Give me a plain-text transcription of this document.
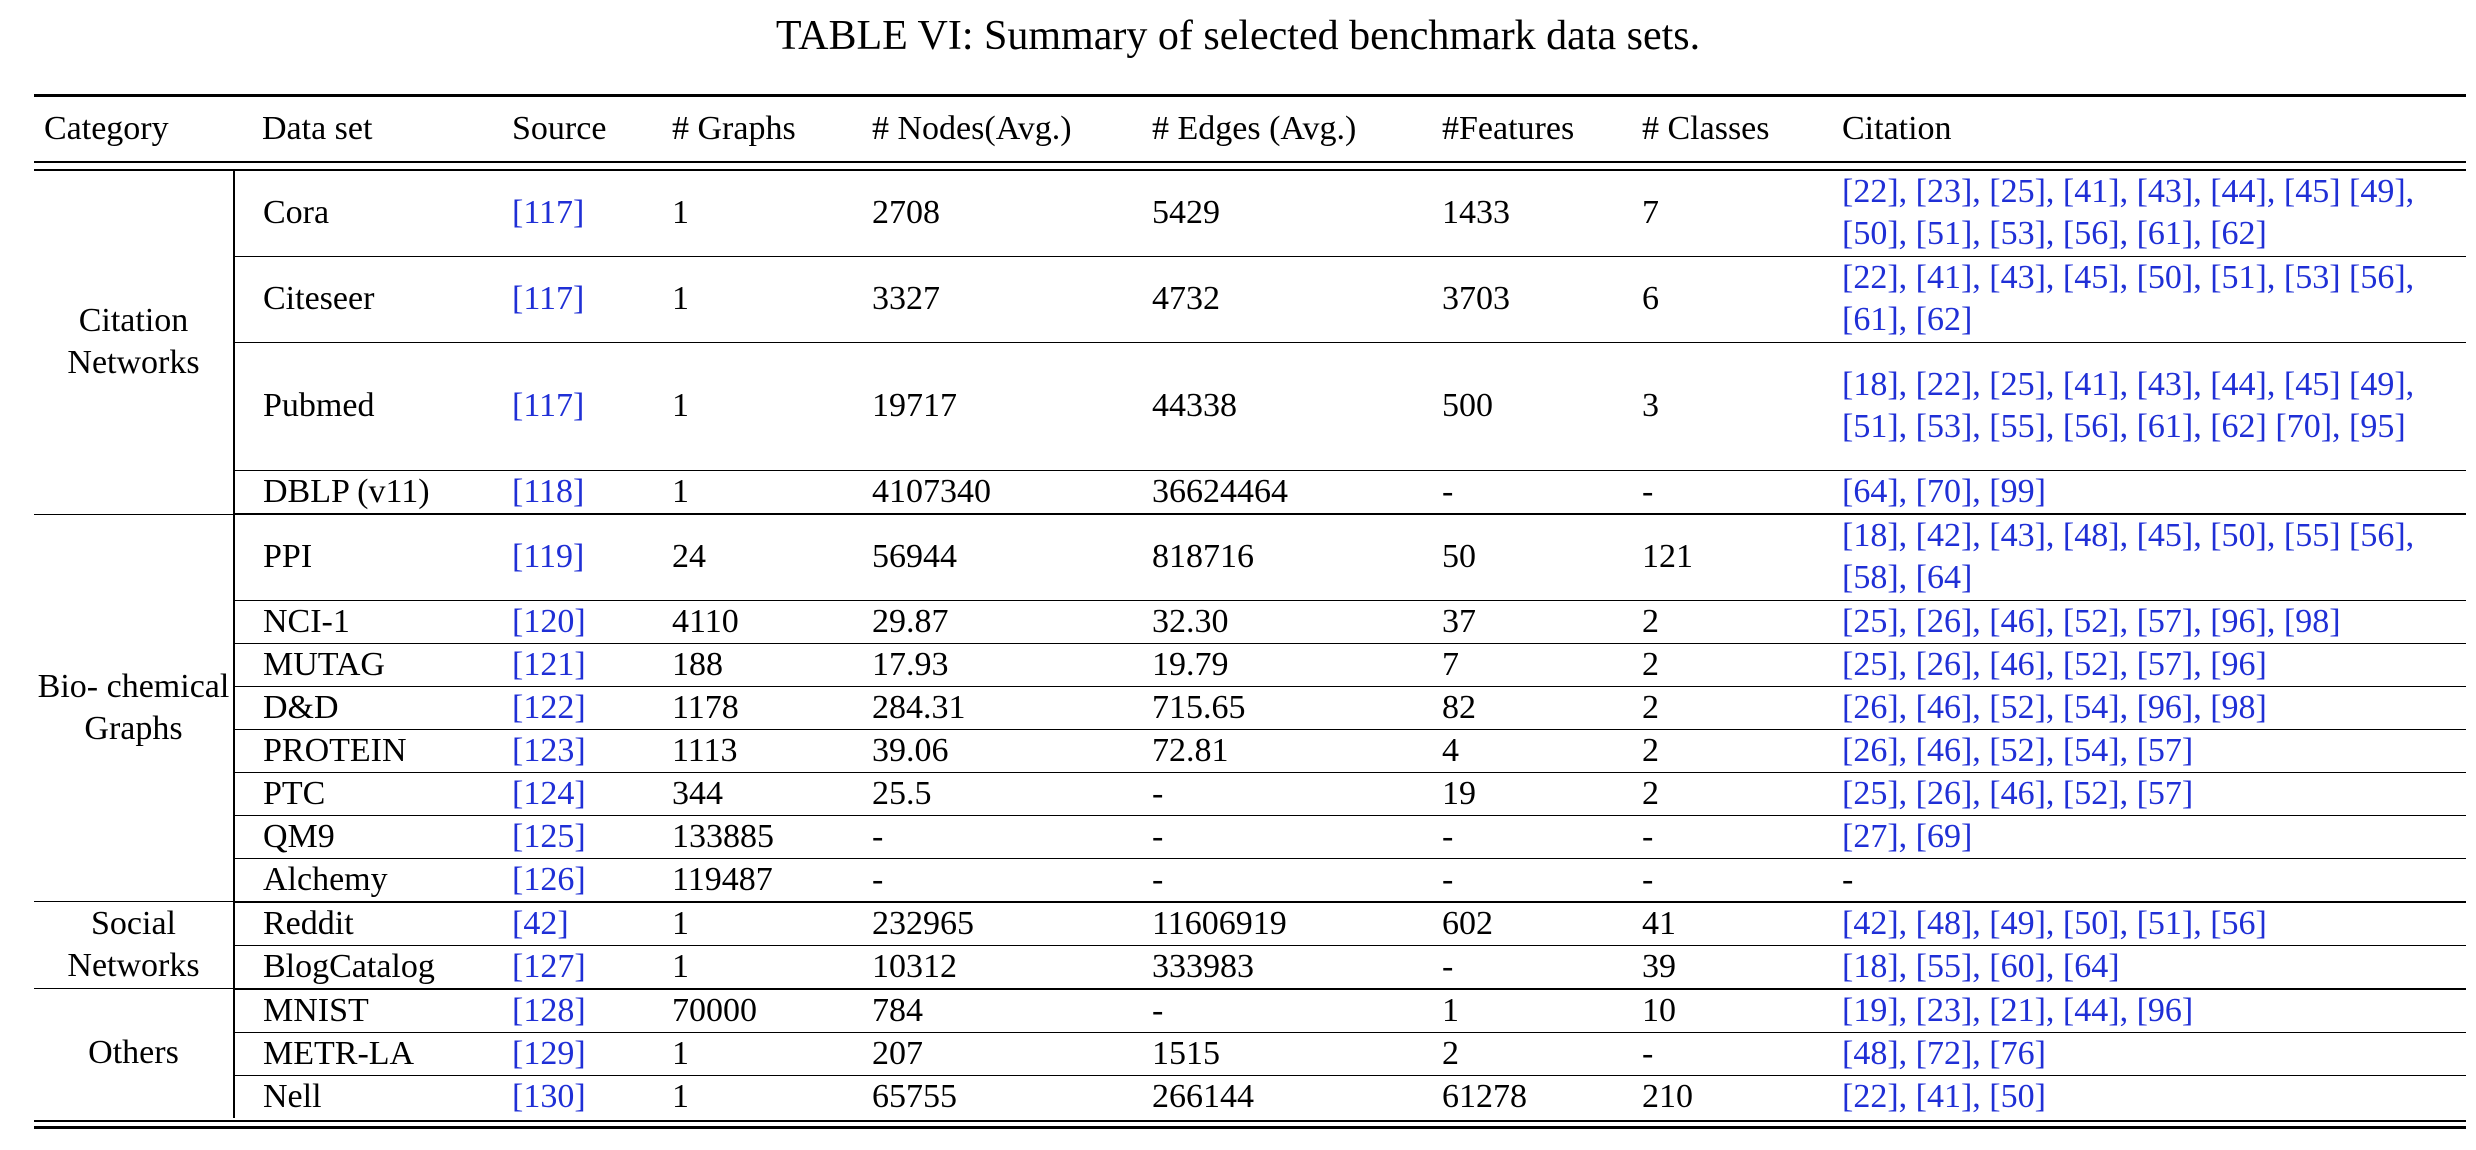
TABLE VI: Summary of selected benchmark data sets.
Category	Data set	Source	# Graphs	# Nodes(Avg.)	# Edges (Avg.)	#Features	# Classes	Citation

Citation Networks	Cora	[117]	1	2708	5429	1433	7	[22], [23], [25], [41], [43], [44], [45] [49], [50], [51], [53], [56], [61], [62]
	Citeseer	[117]	1	3327	4732	3703	6	[22], [41], [43], [45], [50], [51], [53] [56], [61], [62]
	Pubmed	[117]	1	19717	44338	500	3	[18], [22], [25], [41], [43], [44], [45] [49], [51], [53], [55], [56], [61], [62] [70], [95]
	DBLP (v11)	[118]	1	4107340	36624464	-	-	[64], [70], [99]
Bio- chemical Graphs	PPI	[119]	24	56944	818716	50	121	[18], [42], [43], [48], [45], [50], [55] [56], [58], [64]
	NCI-1	[120]	4110	29.87	32.30	37	2	[25], [26], [46], [52], [57], [96], [98]
	MUTAG	[121]	188	17.93	19.79	7	2	[25], [26], [46], [52], [57], [96]
	D&D	[122]	1178	284.31	715.65	82	2	[26], [46], [52], [54], [96], [98]
	PROTEIN	[123]	1113	39.06	72.81	4	2	[26], [46], [52], [54], [57]
	PTC	[124]	344	25.5	-	19	2	[25], [26], [46], [52], [57]
	QM9	[125]	133885	-	-	-	-	[27], [69]
	Alchemy	[126]	119487	-	-	-	-	-
Social Networks	Reddit	[42]	1	232965	11606919	602	41	[42], [48], [49], [50], [51], [56]
	BlogCatalog	[127]	1	10312	333983	-	39	[18], [55], [60], [64]
Others	MNIST	[128]	70000	784	-	1	10	[19], [23], [21], [44], [96]
	METR-LA	[129]	1	207	1515	2	-	[48], [72], [76]
	Nell	[130]	1	65755	266144	61278	210	[22], [41], [50]
